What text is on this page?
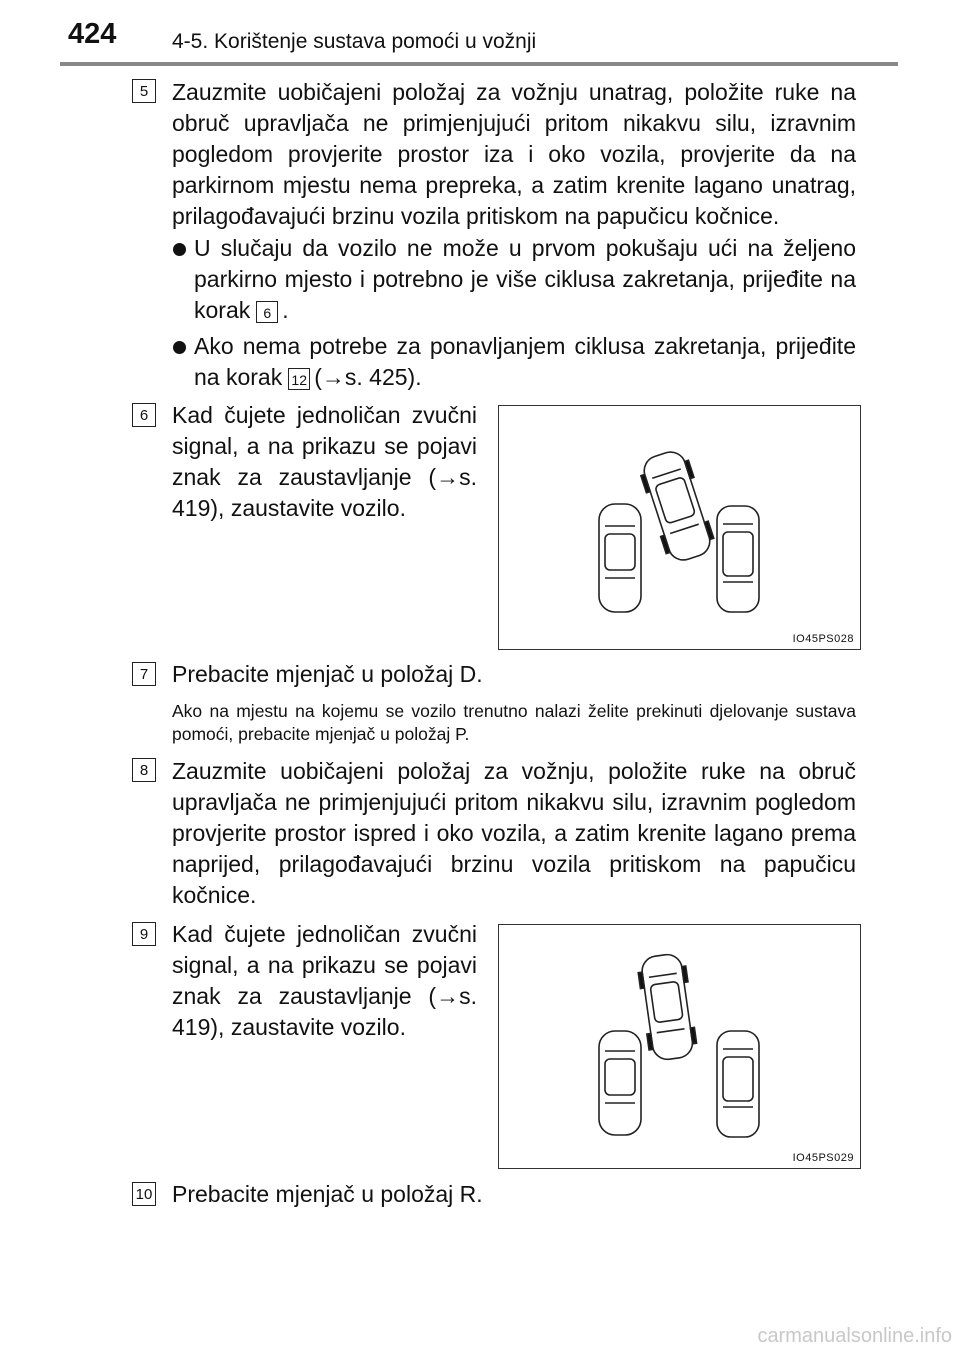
424	4-5. Korištenje sustava pomoći u vožnji
5	Zauzmite uobičajeni položaj za vožnju unatrag, položite ruke na obruč upravljača ne primjenjujući pritom nikakvu silu, izravnim pogledom provjerite prostor iza i oko vozila, provjerite da na parkirnom mjestu nema prepreka, a zatim krenite lagano unatrag, prilagođavajući brzinu vozila pritiskom na papučicu kočnice.
U slučaju da vozilo ne može u prvom pokušaju ući na željeno parkirno mjesto i potrebno je više ciklusa zakretanja, prijeđite na korak 6 .
Ako nema potrebe za ponavljanjem ciklusa zakretanja, prijeđite na korak 12 (→s. 425).
6	Kad čujete jednoličan zvučni signal, a na prikazu se pojavi znak za zaustavljanje (→s. 419), zaustavite vozilo.
IO45PS028
7	Prebacite mjenjač u položaj D.
Ako na mjestu na kojemu se vozilo trenutno nalazi želite prekinuti djelovanje sustava pomoći, prebacite mjenjač u položaj P.
8	Zauzmite uobičajeni položaj za vožnju, položite ruke na obruč upravljača ne primjenjujući pritom nikakvu silu, izravnim pogledom provjerite prostor ispred i oko vozila, a zatim krenite lagano prema naprijed, prilagođavajući brzinu vozila pritiskom na papučicu kočnice.
9	Kad čujete jednoličan zvučni signal, a na prikazu se pojavi znak za zaustavljanje (→s. 419), zaustavite vozilo.
IO45PS029
10 Prebacite mjenjač u položaj R.
carmanualsonline.info
